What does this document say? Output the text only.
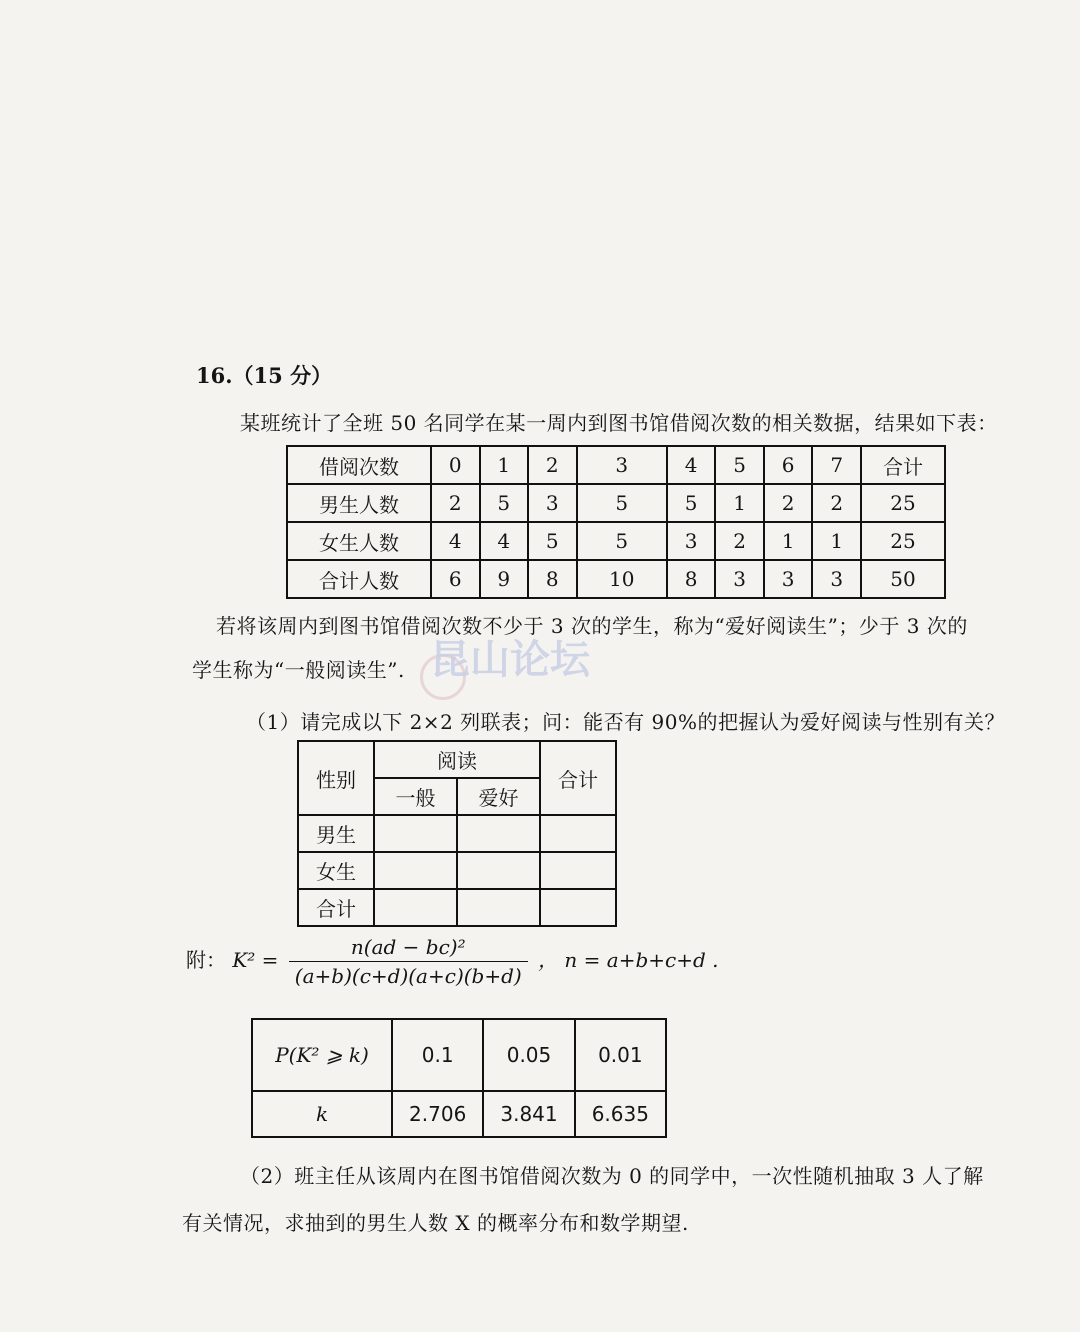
16.（15 分）
某班统计了全班 50 名同学在某一周内到图书馆借阅次数的相关数据，结果如下表：
借阅次数	0	1	2	3	4	5	6	7	合计
男生人数	2	5	3	5	5	1	2	2	25
女生人数	4	4	5	5	3	2	1	1	25
合计人数	6	9	8	10	8	3	3	3	50
若将该周内到图书馆借阅次数不少于 3 次的学生，称为“爱好阅读生”；少于 3 次的
学生称为“一般阅读生”. 昆山论坛
（1）请完成以下 2×2 列联表；问：能否有 90%的把握认为爱好阅读与性别有关？
性别	阅读		合计
	一般	爱好	
男生			
女生			
合计			
附： $K^2 = \frac{\text{n(ad − bc)²}}{(a+b)(c+d)(a+c)(b+d)}$ ， n = a+b+c+d .
P(K² ⩾ k)	0.1	0.05	0.01
k	2.706	3.841	6.635
（2）班主任从该周内在图书馆借阅次数为 0 的同学中，一次性随机抽取 3 人了解
有关情况，求抽到的男生人数 X 的概率分布和数学期望.
